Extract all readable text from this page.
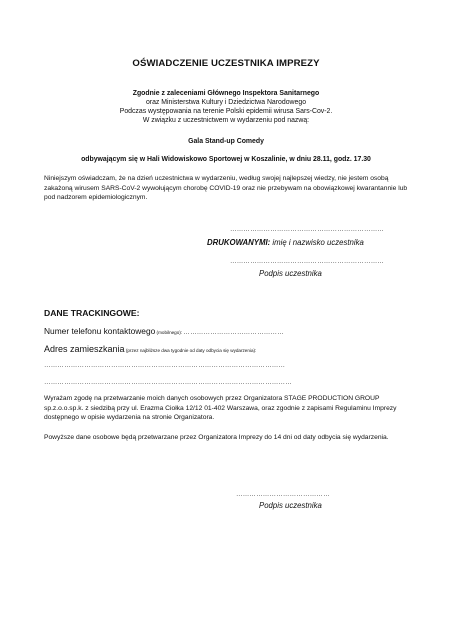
OŚWIADCZENIE UCZESTNIKA IMPREZY
Zgodnie z zaleceniami Głównego Inspektora Sanitarnego
oraz Ministerstwa Kultury i Dziedzictwa Narodowego
Podczas występowania na terenie Polski epidemii wirusa Sars-Cov-2.
W związku z uczestnictwem w wydarzeniu pod nazwą:
Gala Stand-up Comedy
odbywającym się w Hali Widowiskowo Sportowej w Koszalinie, w dniu 28.11, godz. 17.30
Niniejszym oświadczam, że na dzień uczestnictwa w wydarzeniu, według swojej najlepszej wiedzy, nie jestem osobą zakażoną wirusem SARS-CoV-2 wywołującym chorobę COVID-19 oraz nie przebywam na obowiązkowej kwarantannie lub pod nadzorem epidemiologicznym.
……………………………………………………………
DRUKOWANYMI: imię i nazwisko uczestnika
……………………………………………………………
Podpis uczestnika
DANE TRACKINGOWE:
Numer telefonu kontaktowego (mobilnego): ………………………………………
Adres zamieszkania (przez najbliższe dwa tygodnie od daty odbycia się wydarzenia):
………………………………………………………………………………………………
…………………………………………………………………………………………………
Wyrażam zgodę na przetwarzanie moich danych osobowych przez Organizatora STAGE PRODUCTION GROUP sp.z.o.o.sp.k. z siedzibą przy ul. Erazma Ciołka 12/12 01-402 Warszawa, oraz zgodnie z zapisami Regulaminu Imprezy dostępnego w opisie wydarzenia na stronie Organizatora.
Powyższe dane osobowe będą przetwarzane przez Organizatora Imprezy do 14 dni od daty odbycia się wydarzenia.
……………………………………
Podpis uczestnika
